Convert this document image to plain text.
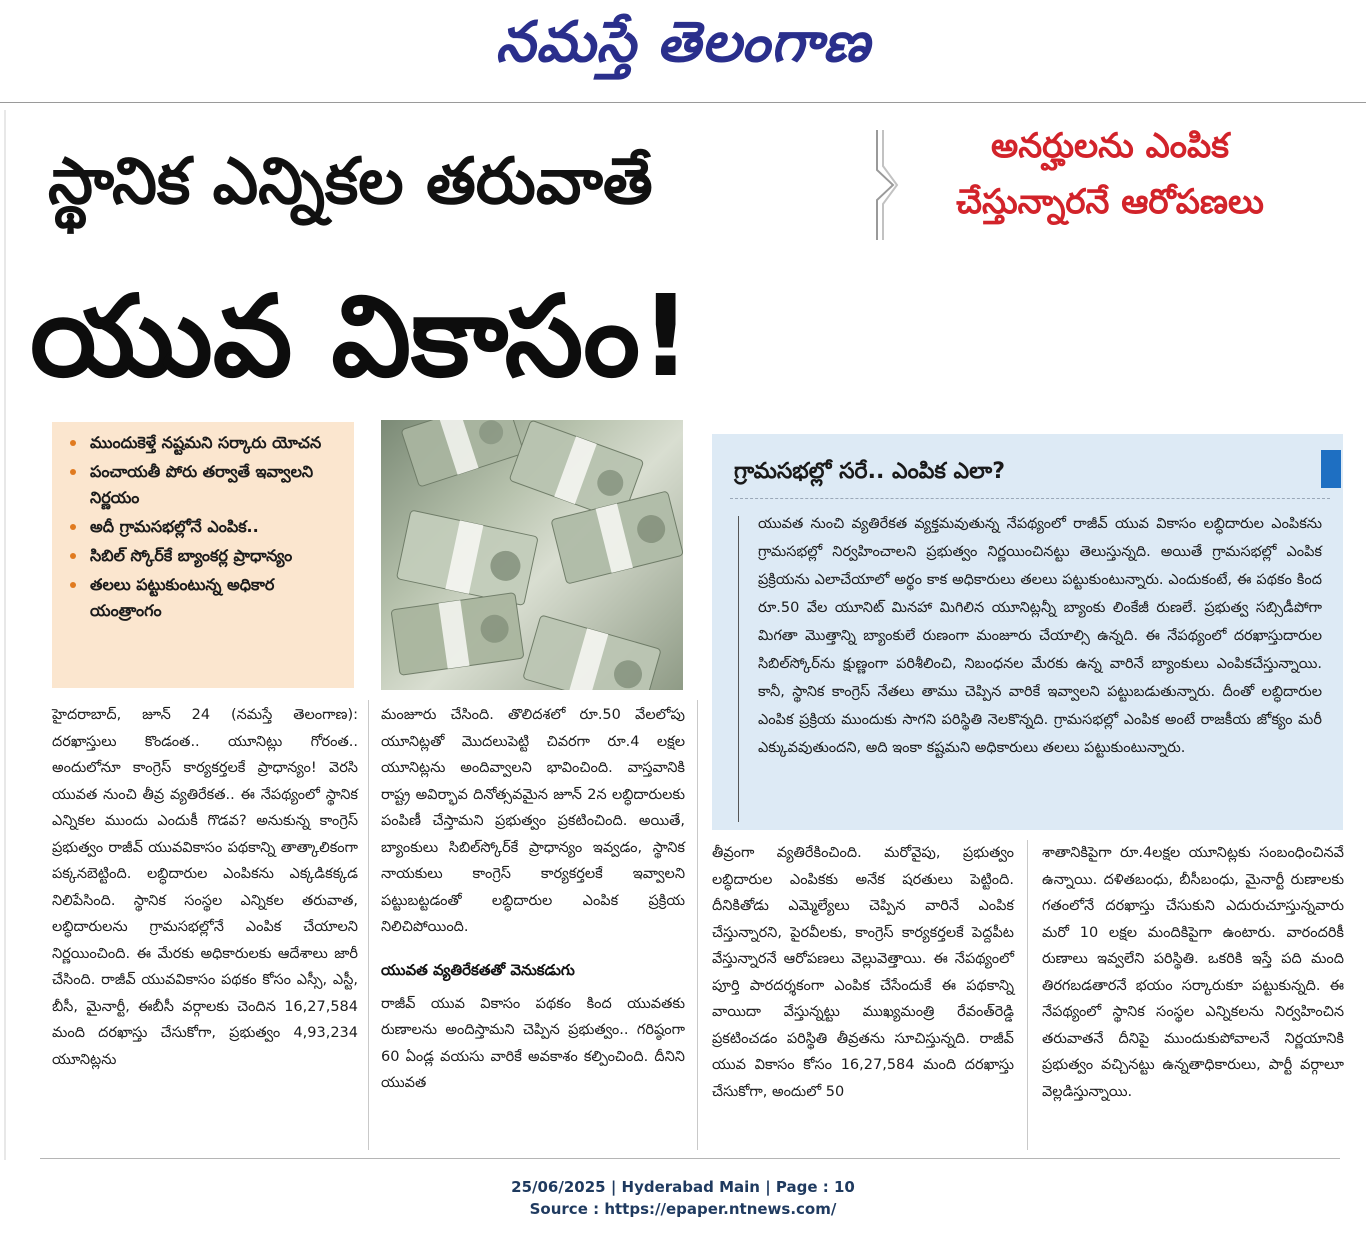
నమస్తే తెలంగాణ
స్థానిక ఎన్నికల తరువాతే	అనర్హులను ఎంపిక
చేస్తున్నారనే ఆరోపణలు
యువ వికాసం!
ముందుకెళ్తే నష్టమని సర్కారు యోచన
పంచాయతీ పోరు తర్వాతే ఇవ్వాలని నిర్ణయం
అదీ గ్రామసభల్లోనే ఎంపిక..
సిబిల్ స్కోర్‌కే బ్యాంకర్ల ప్రాధాన్యం
తలలు పట్టుకుంటున్న అధికార యంత్రాంగం
గ్రామసభల్లో సరే.. ఎంపిక ఎలా?
యువత నుంచి వ్యతిరేకత వ్యక్తమవుతున్న నేపథ్యంలో రాజీవ్ యువ వికాసం లబ్ధిదారుల ఎంపికను గ్రామసభల్లో నిర్వహించాలని ప్రభుత్వం నిర్ణయించినట్టు తెలుస్తున్నది. అయితే గ్రామసభల్లో ఎంపిక ప్రక్రియను ఎలాచేయాలో అర్థం కాక అధికారులు తలలు పట్టుకుంటున్నారు. ఎందుకంటే, ఈ పథకం కింద రూ.50 వేల యూనిట్ మినహా మిగిలిన యూనిట్లన్నీ బ్యాంకు లింకేజీ రుణలే. ప్రభుత్వ సబ్సిడీపోగా మిగతా మొత్తాన్ని బ్యాంకులే రుణంగా మంజూరు చేయాల్సి ఉన్నది. ఈ నేపథ్యంలో దరఖాస్తుదారుల సిబిల్‌స్కోర్‌ను క్షుణ్ణంగా పరిశీలించి, నిబంధనల మేరకు ఉన్న వారినే బ్యాంకులు ఎంపికచేస్తున్నాయి. కానీ, స్థానిక కాంగ్రెస్ నేతలు తాము చెప్పిన వారికే ఇవ్వాలని పట్టుబడుతున్నారు. దీంతో లబ్ధిదారుల ఎంపిక ప్రక్రియ ముందుకు సాగని పరిస్థితి నెలకొన్నది. గ్రామసభల్లో ఎంపిక అంటే రాజకీయ జోక్యం మరీ ఎక్కువవుతుందని, అది ఇంకా కష్టమని అధికారులు తలలు పట్టుకుంటున్నారు.

హైదరాబాద్, జూన్ 24 (నమస్తే తెలంగాణ): దరఖాస్తులు కొండంత.. యూనిట్లు గోరంత.. అందులోనూ కాంగ్రెస్ కార్యకర్తలకే ప్రాధాన్యం! వెరసి యువత నుంచి తీవ్ర వ్యతిరేకత.. ఈ నేపథ్యంలో స్థానిక ఎన్నికల ముందు ఎందుకీ గొడవ? అనుకున్న కాంగ్రెస్ ప్రభుత్వం రాజీవ్ యువవికాసం పథకాన్ని తాత్కాలికంగా పక్కనబెట్టింది. లబ్ధిదారుల ఎంపికను ఎక్కడికక్కడ నిలిపేసింది. స్థానిక సంస్థల ఎన్నికల తరువాత, లబ్ధిదారులను గ్రామసభల్లోనే ఎంపిక చేయాలని నిర్ణయించింది. ఈ మేరకు అధికారులకు ఆదేశాలు జారీ చేసింది. రాజీవ్ యువవికాసం పథకం కోసం ఎస్సీ, ఎస్టీ, బీసీ, మైనార్టీ, ఈబీసీ వర్గాలకు చెందిన 16,27,584 మంది దరఖాస్తు చేసుకోగా, ప్రభుత్వం 4,93,234 యూనిట్లను

మంజూరు చేసింది. తొలిదశలో రూ.50 వేలలోపు యూనిట్లతో మొదలుపెట్టి చివరగా రూ.4 లక్షల యూనిట్లను అందివ్వాలని భావించింది. వాస్తవానికి రాష్ట్ర అవిర్భావ దినోత్సవమైన జూన్ 2న లబ్ధిదారులకు పంపిణీ చేస్తామని ప్రభుత్వం ప్రకటించింది. అయితే, బ్యాంకులు సిబిల్‌స్కోర్‌కే ప్రాధాన్యం ఇవ్వడం, స్థానిక నాయకులు కాంగ్రెస్ కార్యకర్తలకే ఇవ్వాలని పట్టుబట్టడంతో లబ్ధిదారుల ఎంపిక ప్రక్రియ నిలిచిపోయింది.

యువత వ్యతిరేకతతో వెనుకడుగు

రాజీవ్ యువ వికాసం పథకం కింద యువతకు రుణాలను అందిస్తామని చెప్పిన ప్రభుత్వం.. గరిష్ఠంగా 60 ఏండ్ల వయసు వారికే అవకాశం కల్పించింది. దీనిని యువత

తీవ్రంగా వ్యతిరేకించింది. మరోవైపు, ప్రభుత్వం లబ్ధిదారుల ఎంపికకు అనేక షరతులు పెట్టింది. దీనికితోడు ఎమ్మెల్యేలు చెప్పిన వారినే ఎంపిక చేస్తున్నారని, పైరవీలకు, కాంగ్రెస్ కార్యకర్తలకే పెద్దపీట వేస్తున్నారనే ఆరోపణలు వెల్లువెత్తాయి. ఈ నేపథ్యంలో పూర్తి పారదర్శకంగా ఎంపిక చేసేందుకే ఈ పథకాన్ని వాయిదా వేస్తున్నట్టు ముఖ్యమంత్రి రేవంత్‌రెడ్డి ప్రకటించడం పరిస్థితి తీవ్రతను సూచిస్తున్నది. రాజీవ్ యువ వికాసం కోసం 16,27,584 మంది దరఖాస్తు చేసుకోగా, అందులో 50

శాతానికిపైగా రూ.4లక్షల యూనిట్లకు సంబంధించినవే ఉన్నాయి. దళితబంధు, బీసీబంధు, మైనార్టీ రుణాలకు గతంలోనే దరఖాస్తు చేసుకుని ఎదురుచూస్తున్నవారు మరో 10 లక్షల మందికిపైగా ఉంటారు. వారందరికీ రుణాలు ఇవ్వలేని పరిస్థితి. ఒకరికి ఇస్తే పది మంది తిరగబడతారనే భయం సర్కారుకూ పట్టుకున్నది. ఈ నేపథ్యంలో స్థానిక సంస్థల ఎన్నికలను నిర్వహించిన తరువాతనే దీనిపై ముందుకుపోవాలనే నిర్ణయానికి ప్రభుత్వం వచ్చినట్టు ఉన్నతాధికారులు, పార్టీ వర్గాలూ వెల్లడిస్తున్నాయి.

25/06/2025 | Hyderabad Main | Page : 10
Source : https://epaper.ntnews.com/
